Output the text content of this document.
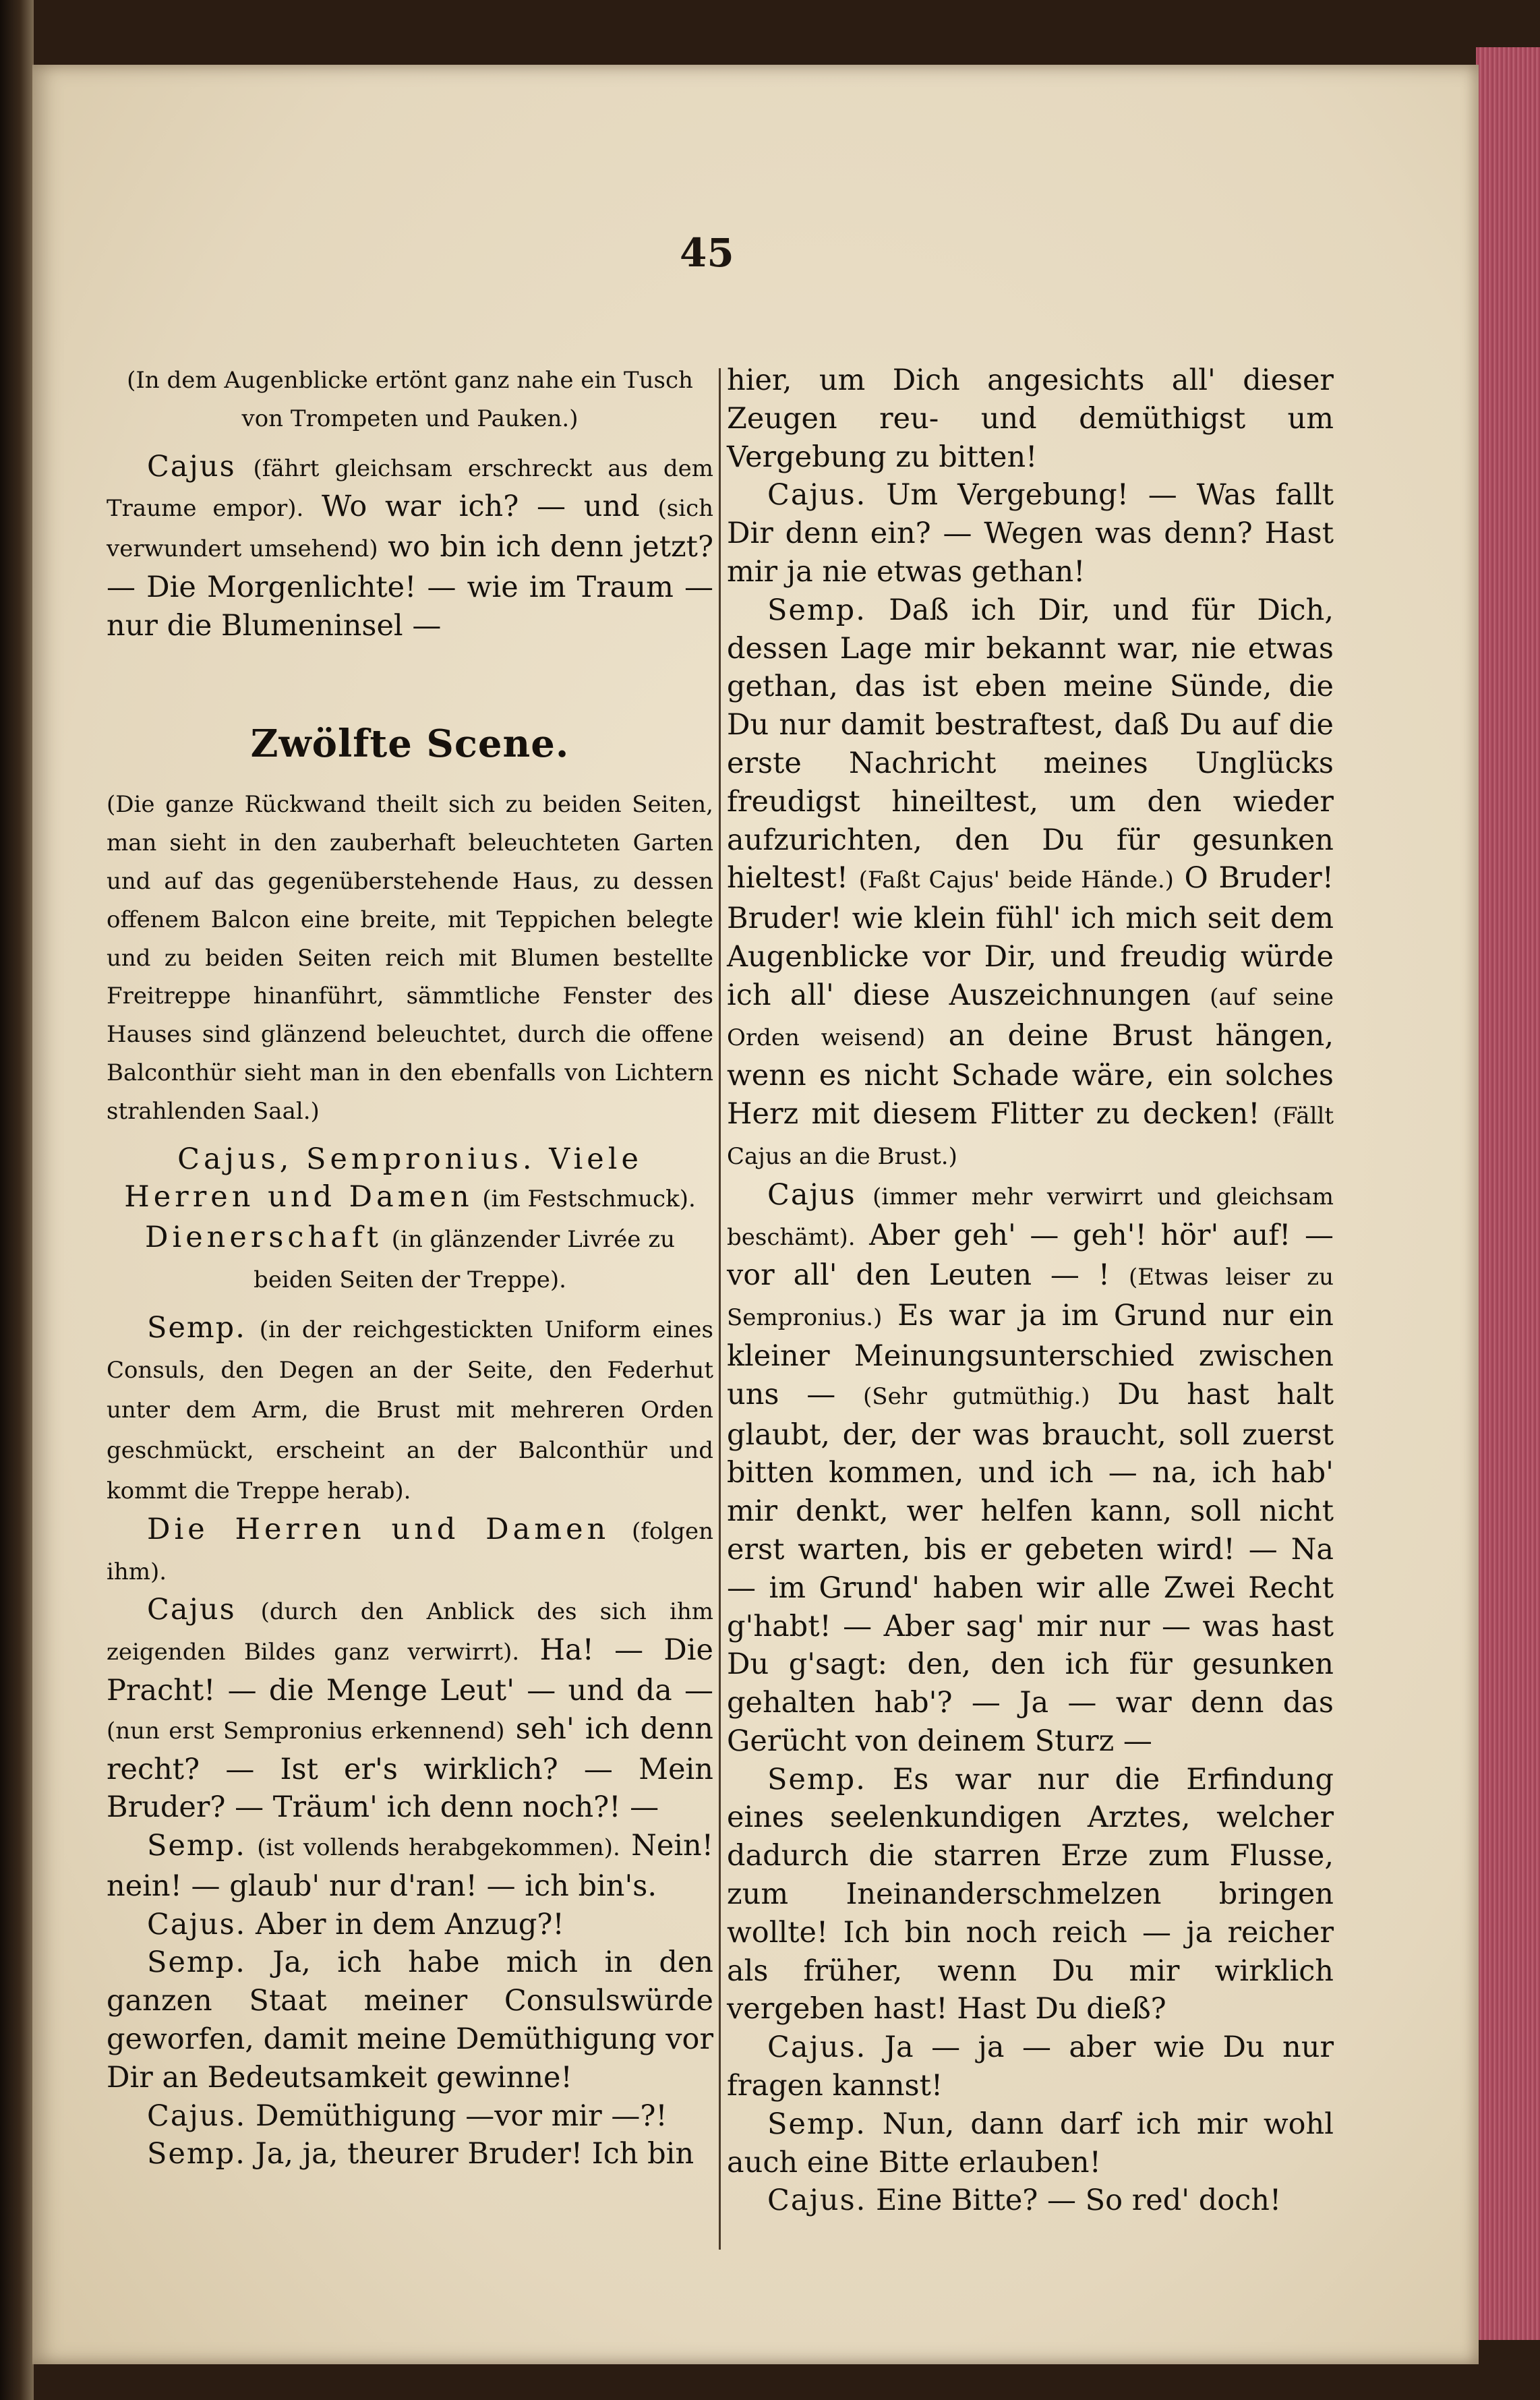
45

(In dem Augenblicke ertönt ganz nahe ein Tusch von Trompeten und Pauken.)

Cajus (fährt gleichsam erschreckt aus dem Traume empor). Wo war ich? — und (sich verwundert umsehend) wo bin ich denn jetzt?— Die Morgenlichte! — wie im Traum — nur die Blumeninsel —

Zwölfte Scene.

(Die ganze Rückwand theilt sich zu beiden Seiten, man sieht in den zauberhaft beleuchteten Garten und auf das gegenüberstehende Haus, zu dessen offenem Balcon eine breite, mit Teppichen belegte und zu beiden Seiten reich mit Blumen bestellte Freitreppe hinanführt, sämmtliche Fenster des Hauses sind glänzend beleuchtet, durch die offene Balconthür sieht man in den ebenfalls von Lichtern strahlenden Saal.)

Cajus, Sempronius. Viele Herren und Damen (im Festschmuck). Dienerschaft (in glänzender Livrée zu beiden Seiten der Treppe).

Semp. (in der reichgestickten Uniform eines Consuls, den Degen an der Seite, den Federhut unter dem Arm, die Brust mit mehreren Orden geschmückt, erscheint an der Balconthür und kommt die Treppe herab).

Die Herren und Damen (folgen ihm).

Cajus (durch den Anblick des sich ihm zeigenden Bildes ganz verwirrt). Ha! — Die Pracht! — die Menge Leut' — und da — (nun erst Sempronius erkennend) seh' ich denn recht? — Ist er's wirklich? — Mein Bruder? — Träum' ich denn noch?! —

Semp. (ist vollends herabgekommen). Nein! nein! — glaub' nur d'ran! — ich bin's.

Cajus. Aber in dem Anzug?!

Semp. Ja, ich habe mich in den ganzen Staat meiner Consulswürde geworfen, damit meine Demüthigung vor Dir an Bedeutsamkeit gewinne!

Cajus. Demüthigung —vor mir —?!

Semp. Ja, ja, theurer Bruder! Ich bin

hier, um Dich angesichts all' dieser Zeugen reu- und demüthigst um Vergebung zu bitten!

Cajus. Um Vergebung! — Was fallt Dir denn ein? — Wegen was denn? Hast mir ja nie etwas gethan!

Semp. Daß ich Dir, und für Dich, dessen Lage mir bekannt war, nie etwas gethan, das ist eben meine Sünde, die Du nur damit bestraftest, daß Du auf die erste Nachricht meines Unglücks freudigst hineiltest, um den wieder aufzurichten, den Du für gesunken hieltest! (Faßt Cajus' beide Hände.) O Bruder! Bruder! wie klein fühl' ich mich seit dem Augenblicke vor Dir, und freudig würde ich all' diese Auszeichnungen (auf seine Orden weisend) an deine Brust hängen, wenn es nicht Schade wäre, ein solches Herz mit diesem Flitter zu decken! (Fällt Cajus an die Brust.)

Cajus (immer mehr verwirrt und gleichsam beschämt). Aber geh' — geh'! hör' auf! — vor all' den Leuten — ! (Etwas leiser zu Sempronius.) Es war ja im Grund nur ein kleiner Meinungsunterschied zwischen uns — (Sehr gutmüthig.) Du hast halt glaubt, der, der was braucht, soll zuerst bitten kommen, und ich — na, ich hab' mir denkt, wer helfen kann, soll nicht erst warten, bis er gebeten wird! — Na — im Grund' haben wir alle Zwei Recht g'habt! — Aber sag' mir nur — was hast Du g'sagt: den, den ich für gesunken gehalten hab'? — Ja — war denn das Gerücht von deinem Sturz —

Semp. Es war nur die Erfindung eines seelenkundigen Arztes, welcher dadurch die starren Erze zum Flusse, zum Ineinanderschmelzen bringen wollte! Ich bin noch reich — ja reicher als früher, wenn Du mir wirklich vergeben hast! Hast Du dieß?

Cajus. Ja — ja — aber wie Du nur fragen kannst!

Semp. Nun, dann darf ich mir wohl auch eine Bitte erlauben!

Cajus. Eine Bitte? — So red' doch!
